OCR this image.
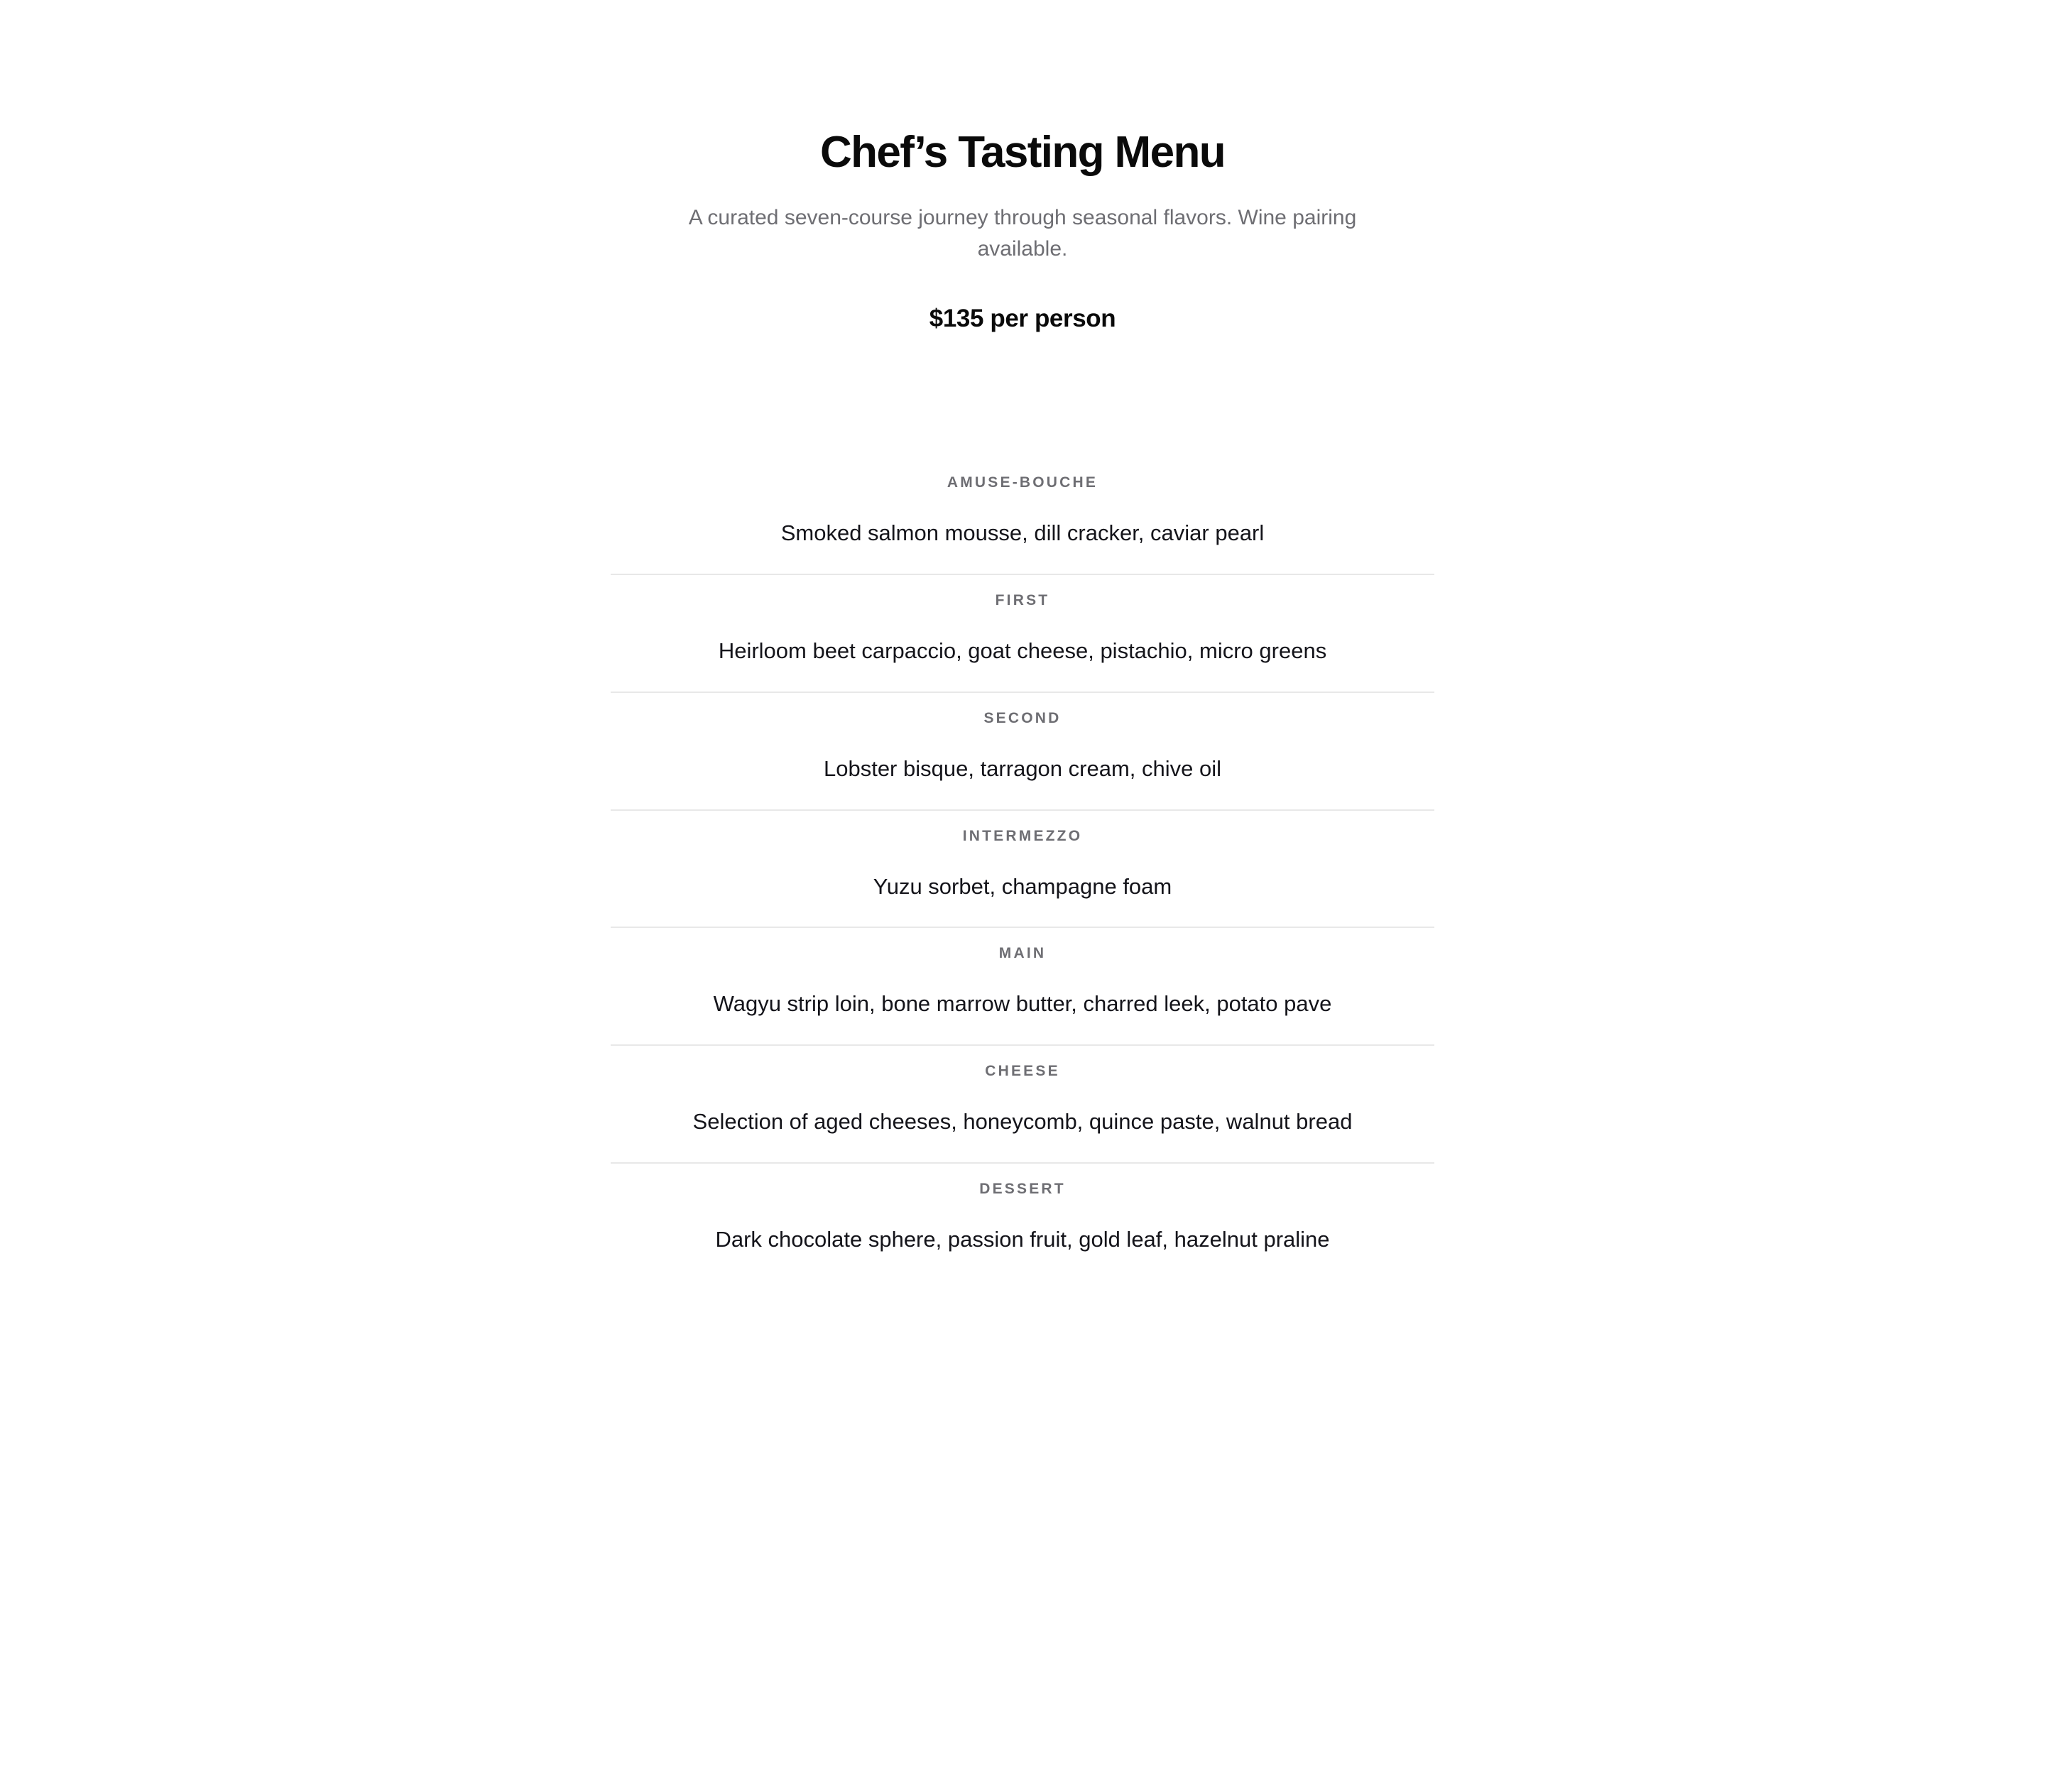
Chef’s Tasting Menu

A curated seven-course journey through seasonal flavors. Wine pairing available.

$135 per person
AMUSE-BOUCHE
Smoked salmon mousse, dill cracker, caviar pearl
FIRST
Heirloom beet carpaccio, goat cheese, pistachio, micro greens
SECOND
Lobster bisque, tarragon cream, chive oil
INTERMEZZO
Yuzu sorbet, champagne foam
MAIN
Wagyu strip loin, bone marrow butter, charred leek, potato pave
CHEESE
Selection of aged cheeses, honeycomb, quince paste, walnut bread
DESSERT
Dark chocolate sphere, passion fruit, gold leaf, hazelnut praline
